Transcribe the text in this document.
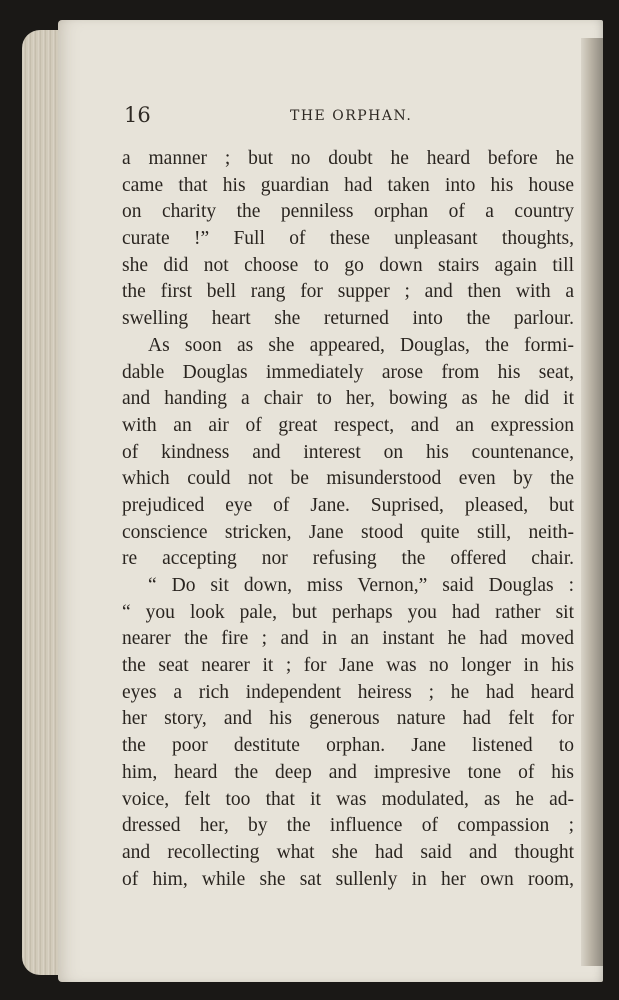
16	THE ORPHAN.
a manner ; but no doubt he heard before he
came that his guardian had taken into his house
on charity the penniless orphan of a country
curate !” Full of these unpleasant thoughts,
she did not choose to go down stairs again till
the first bell rang for supper ; and then with a
swelling heart she returned into the parlour.
As soon as she appeared, Douglas, the formi-
dable Douglas immediately arose from his seat,
and handing a chair to her, bowing as he did it
with an air of great respect, and an expression
of kindness and interest on his countenance,
which could not be misunderstood even by the
prejudiced eye of Jane. Suprised, pleased, but
conscience stricken, Jane stood quite still, neith-
re accepting nor refusing the offered chair.
“ Do sit down, miss Vernon,” said Douglas :
“ you look pale, but perhaps you had rather sit
nearer the fire ; and in an instant he had moved
the seat nearer it ; for Jane was no longer in his
eyes a rich independent heiress ; he had heard
her story, and his generous nature had felt for
the poor destitute orphan. Jane listened to
him, heard the deep and impresive tone of his
voice, felt too that it was modulated, as he ad-
dressed her, by the influence of compassion ;
and recollecting what she had said and thought
of him, while she sat sullenly in her own room,
